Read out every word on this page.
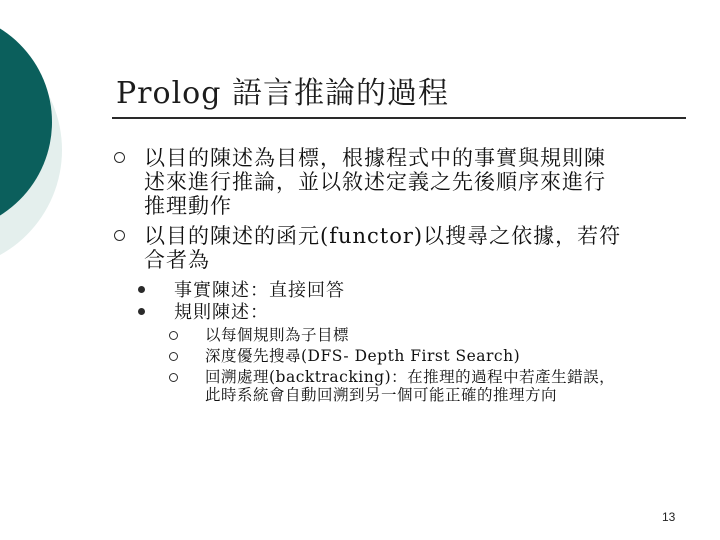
Prolog 語言推論的過程
以目的陳述為目標，根據程式中的事實與規則陳
述來進行推論，並以敘述定義之先後順序來進行
推理動作
以目的陳述的函元(functor)以搜尋之依據，若符
合者為
事實陳述：直接回答
規則陳述：
以每個規則為子目標
深度優先搜尋(DFS- Depth First Search)
回溯處理(backtracking)：在推理的過程中若產生錯誤，
此時系統會自動回溯到另一個可能正確的推理方向
13
